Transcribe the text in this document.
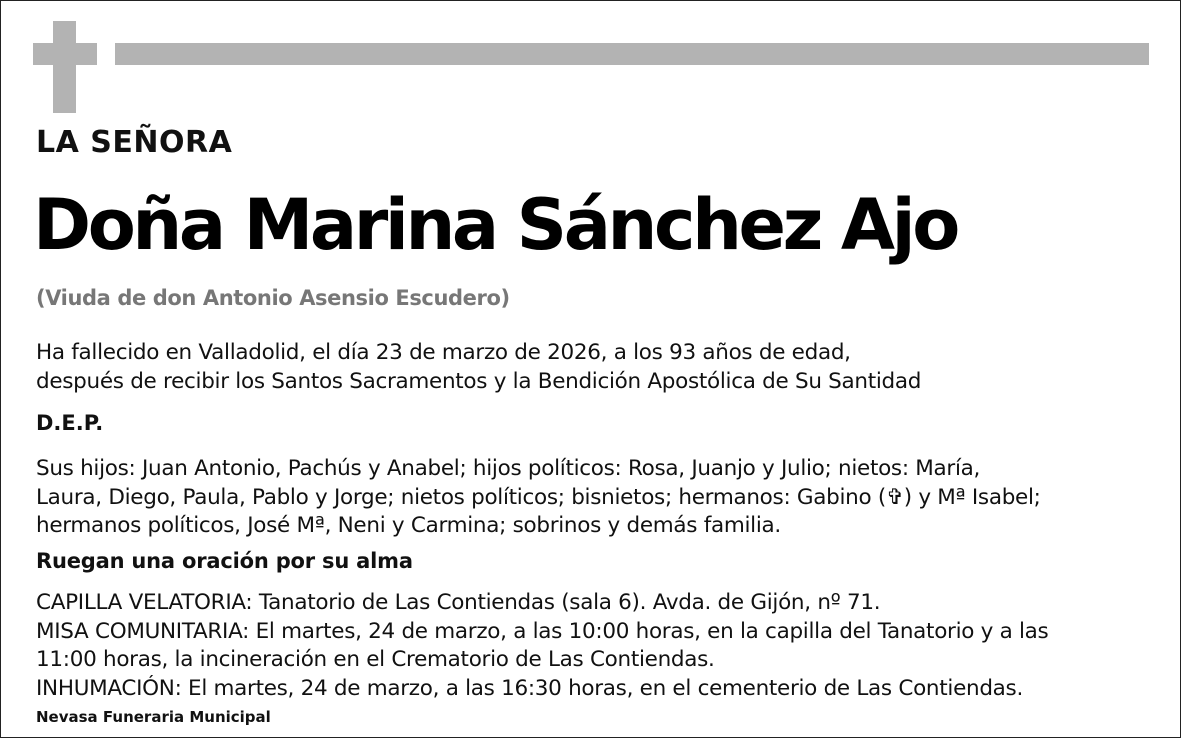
LA SEÑORA
Doña Marina Sánchez Ajo
(Viuda de don Antonio Asensio Escudero)
Ha fallecido en Valladolid, el día 23 de marzo de 2026, a los 93 años de edad,
después de recibir los Santos Sacramentos y la Bendición Apostólica de Su Santidad
D.E.P.
Sus hijos: Juan Antonio, Pachús y Anabel; hijos políticos: Rosa, Juanjo y Julio; nietos: María,
Laura, Diego, Paula, Pablo y Jorge; nietos políticos; bisnietos; hermanos: Gabino (✞) y Mª Isabel;
hermanos políticos, José Mª, Neni y Carmina; sobrinos y demás familia.
Ruegan una oración por su alma
CAPILLA VELATORIA: Tanatorio de Las Contiendas (sala 6). Avda. de Gijón, nº 71.
MISA COMUNITARIA: El martes, 24 de marzo, a las 10:00 horas, en la capilla del Tanatorio y a las
11:00 horas, la incineración en el Crematorio de Las Contiendas.
INHUMACIÓN: El martes, 24 de marzo, a las 16:30 horas, en el cementerio de Las Contiendas.
Nevasa Funeraria Municipal
